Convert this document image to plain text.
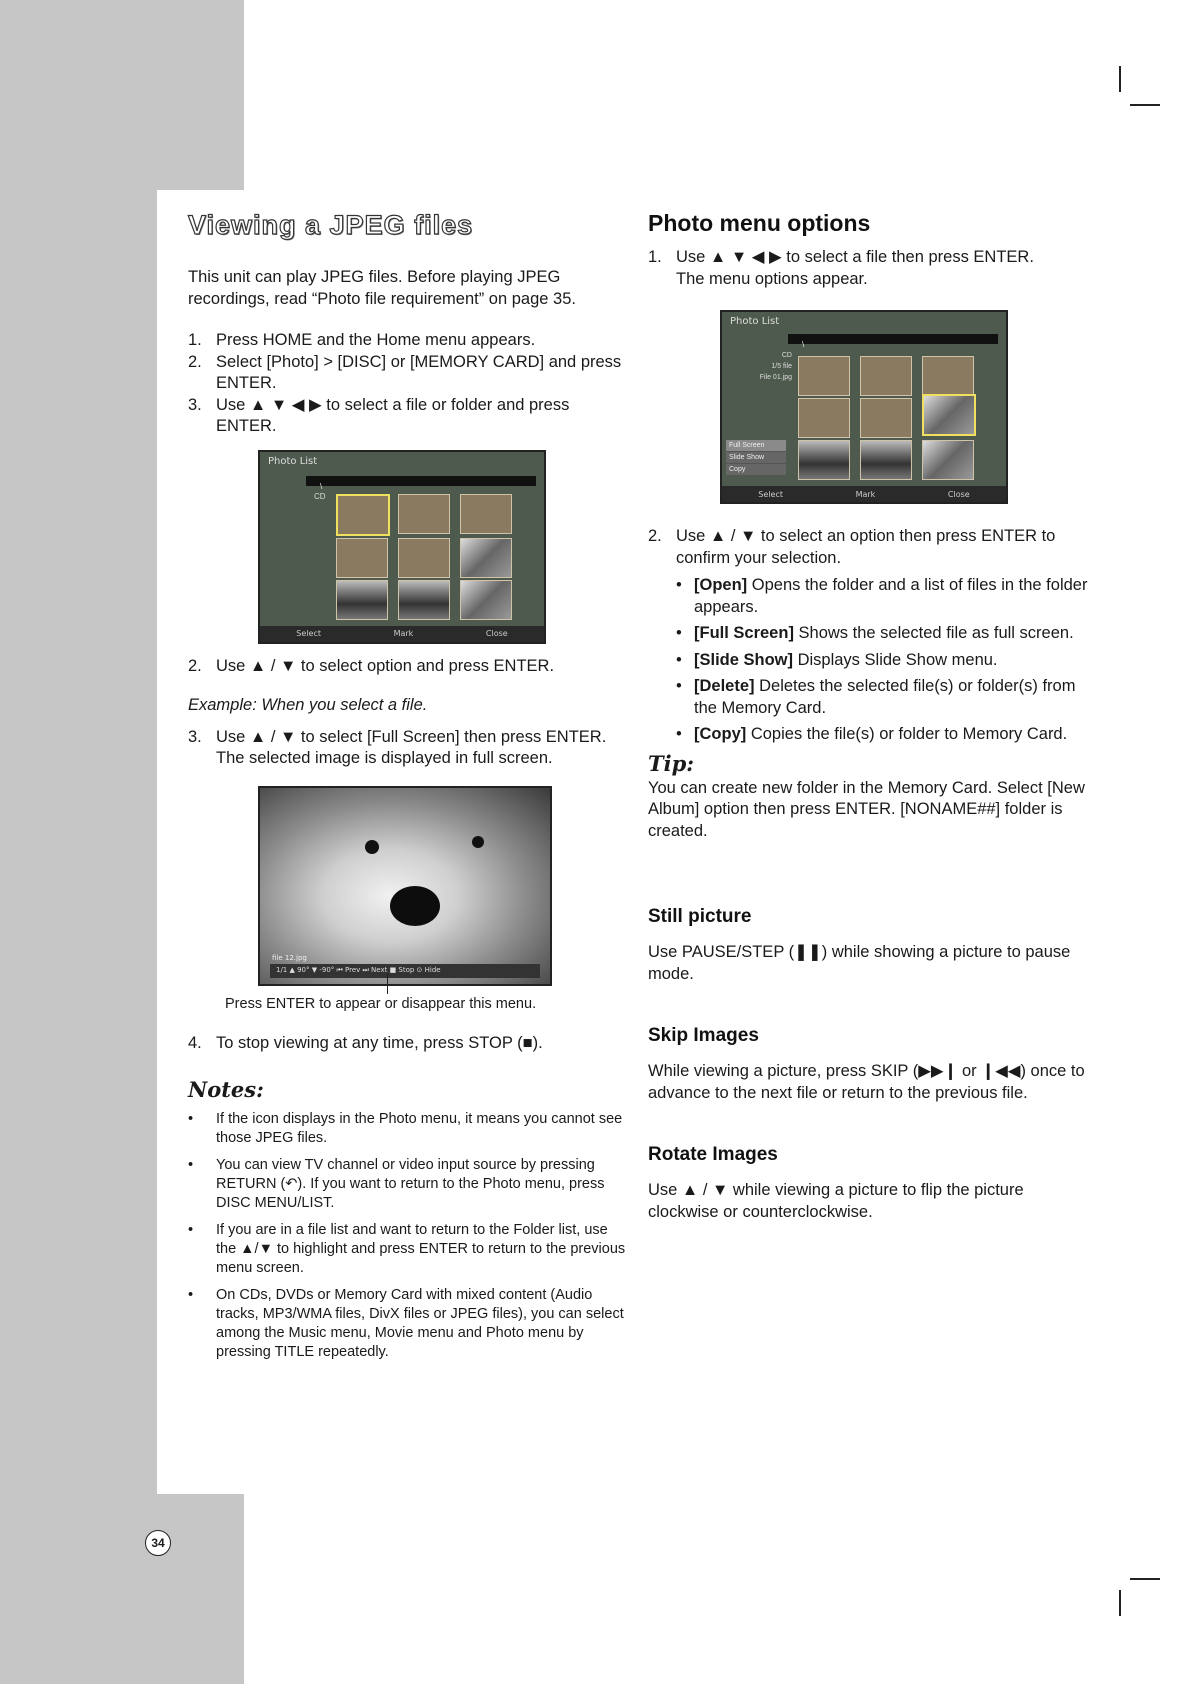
Viewing a JPEG files

This unit can play JPEG files. Before playing JPEG recordings, read “Photo file requirement” on page 35.

1. Press HOME and the Home menu appears.
2. Select [Photo] > [DISC] or [MEMORY CARD] and press ENTER.
3. Use ▲ ▼ ◀ ▶ to select a file or folder and press ENTER.
Photo List
\
CD
Select	Mark	Close
2. Use ▲ / ▼ to select option and press ENTER.

Example: When you select a file.

3. Use ▲ / ▼ to select [Full Screen] then press ENTER.
The selected image is displayed in full screen.
file 12.jpg
1/1 ▲ 90° ▼ -90° ⏮ Prev ⏭ Next ■ Stop ⊙ Hide

Press ENTER to appear or disappear this menu.

4. To stop viewing at any time, press STOP (■).
Notes:
• If the icon displays in the Photo menu, it means you cannot see those JPEG files.
• You can view TV channel or video input source by pressing RETURN (↶). If you want to return to the Photo menu, press DISC MENU/LIST.
• If you are in a file list and want to return to the Folder list, use the ▲/▼ to highlight and press ENTER to return to the previous menu screen.
• On CDs, DVDs or Memory Card with mixed content (Audio tracks, MP3/WMA files, DivX files or JPEG files), you can select among the Music menu, Movie menu and Photo menu by pressing TITLE repeatedly.
Photo menu options
1. Use ▲ ▼ ◀ ▶ to select a file then press ENTER.
The menu options appear.
Photo List
\
CD
1/5 file
File 01.jpg
Full Screen
Slide Show
Copy
Select	Mark	Close
2. Use ▲ / ▼ to select an option then press ENTER to confirm your selection.
• [Open] Opens the folder and a list of files in the folder appears.
• [Full Screen] Shows the selected file as full screen.
• [Slide Show] Displays Slide Show menu.
• [Delete] Deletes the selected file(s) or folder(s) from the Memory Card.
• [Copy] Copies the file(s) or folder to Memory Card.
Tip:

You can create new folder in the Memory Card. Select [New Album] option then press ENTER. [NONAME##] folder is created.

Still picture

Use PAUSE/STEP (❚❚) while showing a picture to pause mode.

Skip Images

While viewing a picture, press SKIP (▶▶❙ or ❙◀◀) once to advance to the next file or return to the previous file.

Rotate Images

Use ▲ / ▼ while viewing a picture to flip the picture clockwise or counterclockwise.

34
